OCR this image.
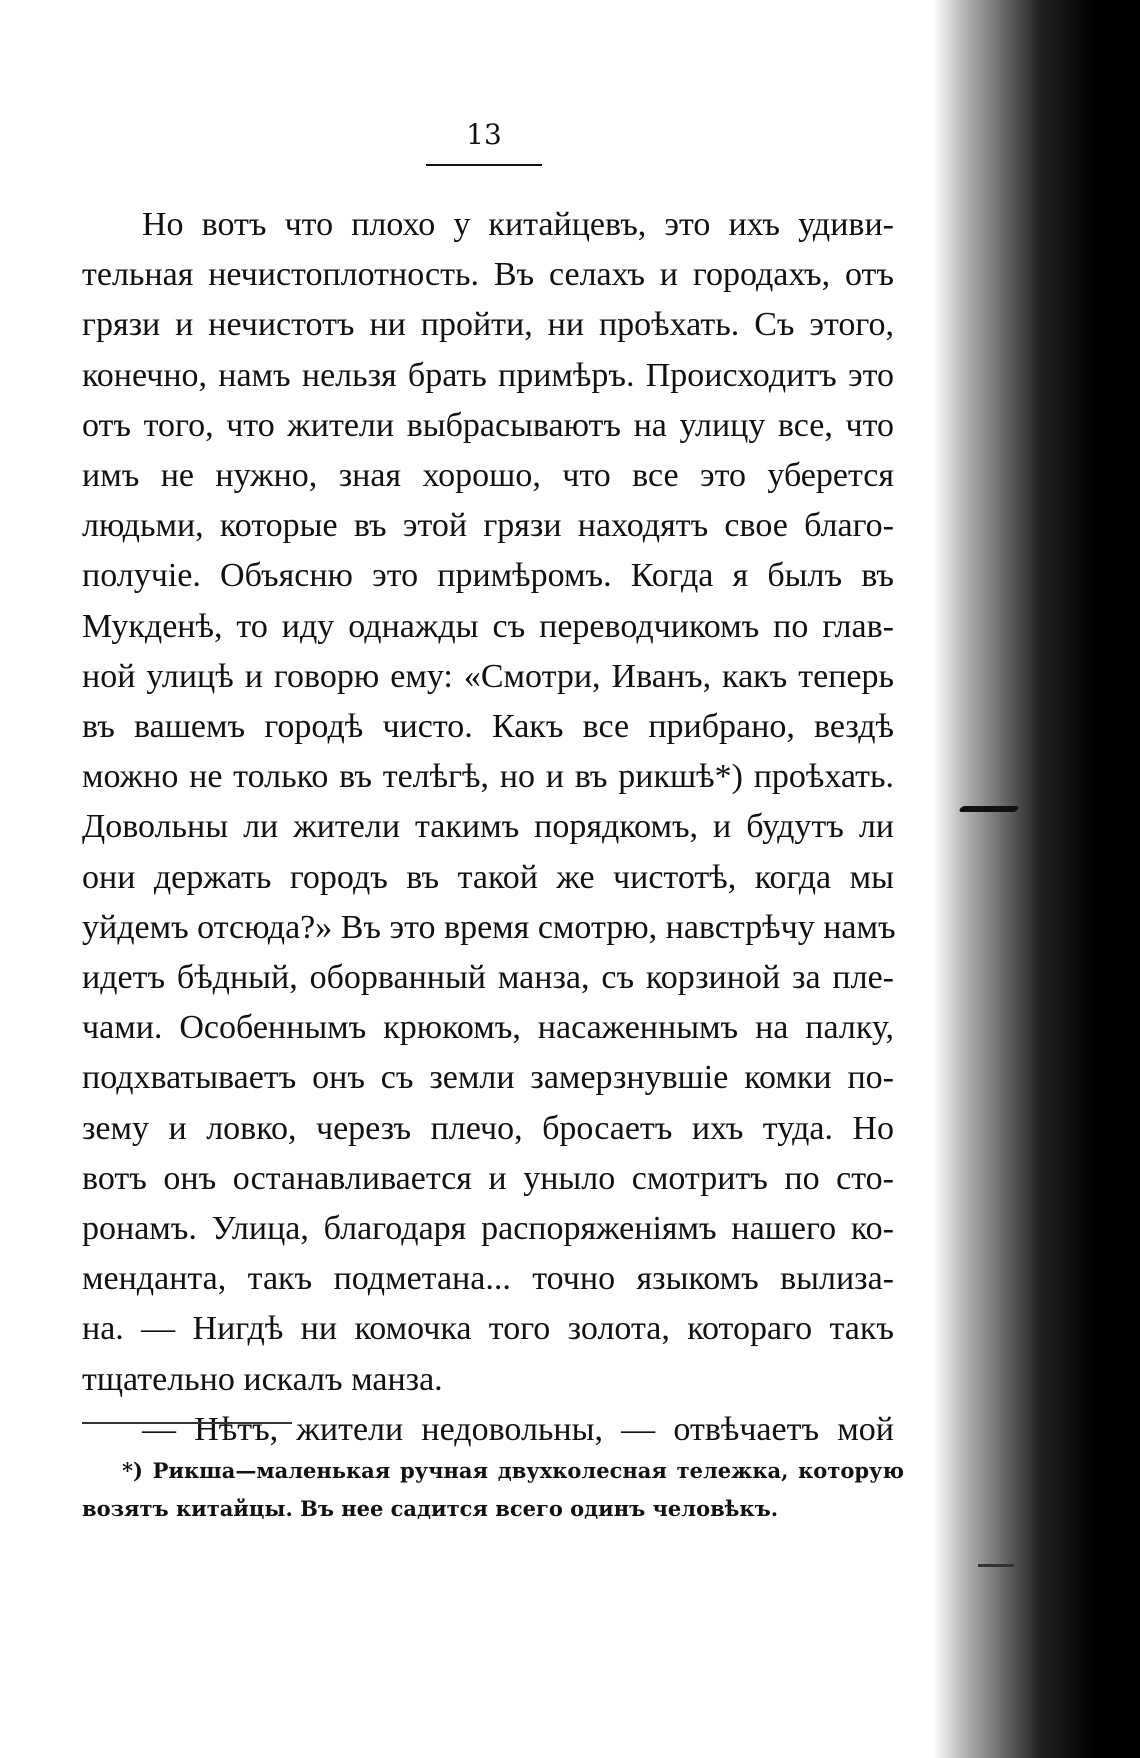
13
Но вотъ что плохо у китайцевъ, это ихъ удиви-
тельная нечистоплотность. Въ селахъ и городахъ, отъ
грязи и нечистотъ ни пройти, ни проѣхать. Съ этого,
конечно, намъ нельзя брать примѣръ. Происходитъ это
отъ того, что жители выбрасываютъ на улицу все, что
имъ не нужно, зная хорошо, что все это уберется
людьми, которые въ этой грязи находятъ свое благо-
получіе. Объясню это примѣромъ. Когда я былъ въ
Мукденѣ, то иду однажды съ переводчикомъ по глав-
ной улицѣ и говорю ему: «Смотри, Иванъ, какъ теперь
въ вашемъ городѣ чисто. Какъ все прибрано, вездѣ
можно не только въ телѣгѣ, но и въ рикшѣ*) проѣхать.
Довольны ли жители такимъ порядкомъ, и будутъ ли
они держать городъ въ такой же чистотѣ, когда мы
уйдемъ отсюда?» Въ это время смотрю, навстрѣчу намъ
идетъ бѣдный, оборванный манза, съ корзиной за пле-
чами. Особеннымъ крюкомъ, насаженнымъ на палку,
подхватываетъ онъ съ земли замерзнувшіе комки по-
зему и ловко, черезъ плечо, бросаетъ ихъ туда. Но
вотъ онъ останавливается и уныло смотритъ по сто-
ронамъ. Улица, благодаря распоряженіямъ нашего ко-
менданта, такъ подметана... точно языкомъ вылиза-
на. — Нигдѣ ни комочка того золота, котораго такъ
тщательно искалъ манза.
— Нѣтъ, жители недовольны, — отвѣчаетъ мой
*) Рикша—маленькая ручная двухколесная тележка, которую
возятъ китайцы. Въ нее садится всего одинъ человѣкъ.
